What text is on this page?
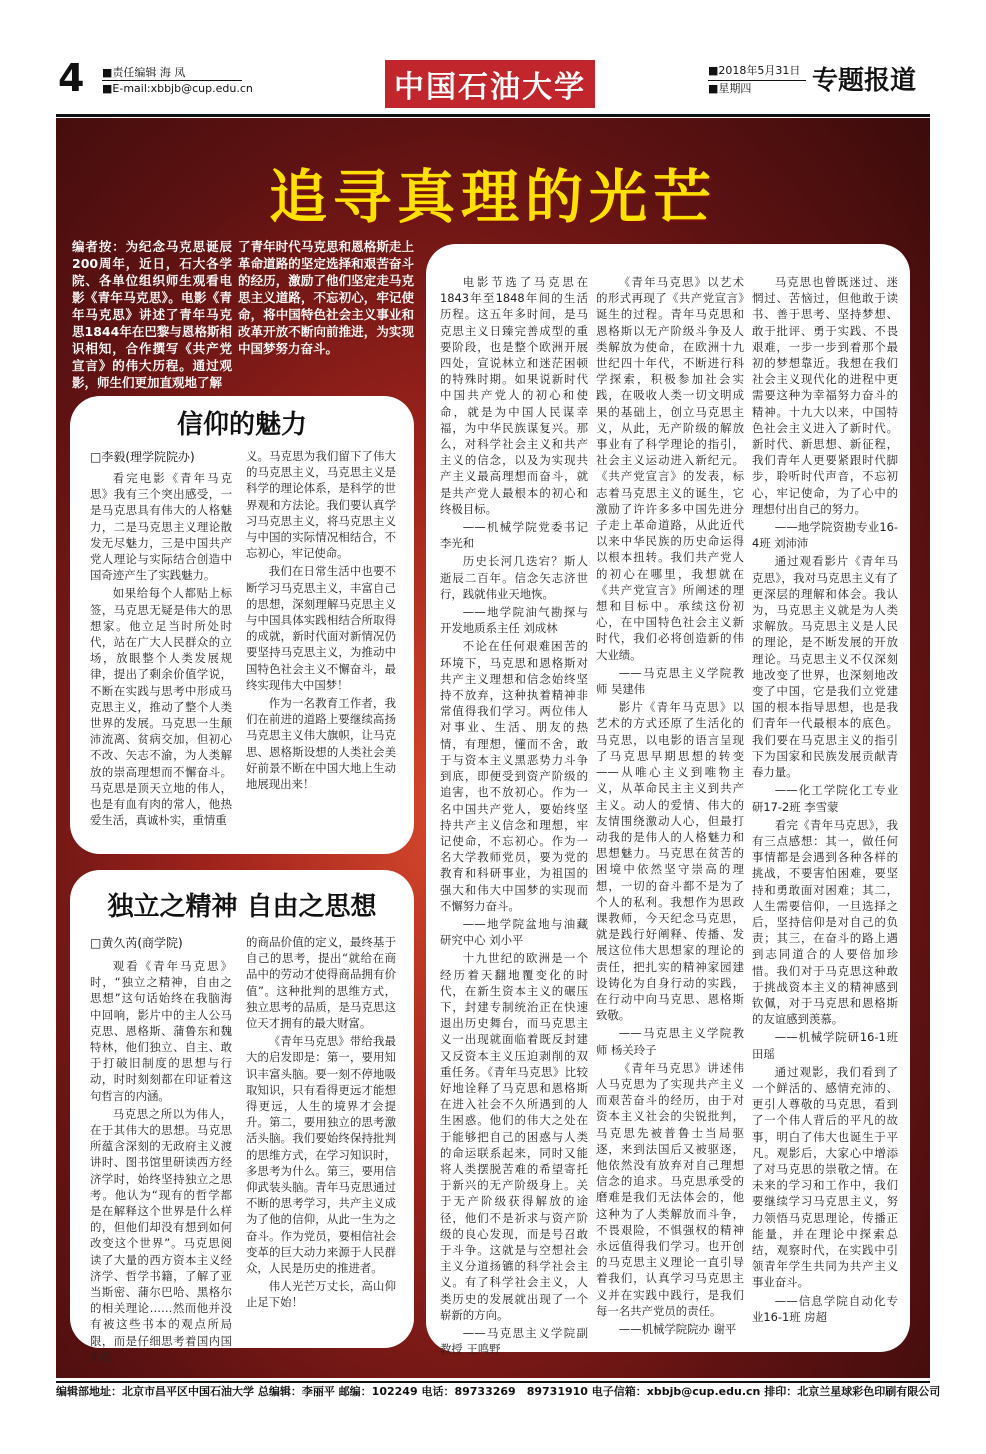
4 ■责任编辑 海 凤
■E-mail:xbbjb@cup.edu.cn	中国石油大学	■2018年5月31日
■星期四 专题报道
追寻真理的光芒
编者按：为纪念马克思诞辰200周年，近日，石大各学院、各单位组织师生观看电影《青年马克思》。电影《青年马克思》讲述了青年马克思1844年在巴黎与恩格斯相识相知，合作撰写《共产党宣言》的伟大历程。通过观影，师生们更加直观地了解
了青年时代马克思和恩格斯走上革命道路的坚定选择和艰苦奋斗的经历，激励了他们坚定走马克思主义道路，不忘初心，牢记使命，将中国特色社会主义事业和改革开放不断向前推进，为实现中国梦努力奋斗。
信仰的魅力
□李毅(理学院院办)

看完电影《青年马克思》我有三个突出感受，一是马克思具有伟大的人格魅力，二是马克思主义理论散发无尽魅力，三是中国共产党人理论与实际结合创造中国奇迹产生了实践魅力。

如果给每个人都贴上标签，马克思无疑是伟大的思想家。他立足当时所处时代，站在广大人民群众的立场，放眼整个人类发展规律，提出了剩余价值学说，不断在实践与思考中形成马克思主义，推动了整个人类世界的发展。马克思一生颠沛流离、贫病交加，但初心不改、矢志不渝，为人类解放的崇高理想而不懈奋斗。马克思是顶天立地的伟人，也是有血有肉的常人，他热爱生活，真诚朴实，重情重

义。马克思为我们留下了伟大的马克思主义，马克思主义是科学的理论体系，是科学的世界观和方法论。我们要认真学习马克思主义，将马克思主义与中国的实际情况相结合，不忘初心，牢记使命。

我们在日常生活中也要不断学习马克思主义，丰富自己的思想，深刻理解马克思主义与中国具体实践相结合所取得的成就，新时代面对新情况仍要坚持马克思主义，为推动中国特色社会主义不懈奋斗，最终实现伟大中国梦！

作为一名教育工作者，我们在前进的道路上要继续高扬马克思主义伟大旗帜，让马克思、恩格斯设想的人类社会美好前景不断在中国大地上生动地展现出来！

独立之精神 自由之思想
□黄久芮(商学院)

观看《青年马克思》时，“独立之精神，自由之思想”这句话始终在我脑海中回响，影片中的主人公马克思、恩格斯、蒲鲁东和魏特林，他们独立、自主、敢于打破旧制度的思想与行动，时时刻刻都在印证着这句哲言的内涵。

马克思之所以为伟人，在于其伟大的思想。马克思所蕴含深刻的无政府主义渡讲时、图书馆里研读西方经济学时，始终坚持独立之思考。他认为“现有的哲学都是在解释这个世界是什么样的，但他们却没有想到如何改变这个世界”。马克思阅读了大量的西方资本主义经济学、哲学书籍，了解了亚当斯密、蒲尔巴哈、黑格尔的相关理论……然而他并没有被这些书本的观点所局限，而是仔细思考着国内国外的

的商品价值的定义，最终基于自己的思考，提出“就给在商品中的劳动才使得商品拥有价值”。这种批判的思维方式，独立思考的品质，是马克思这位天才拥有的最大财富。

《青年马克思》带给我最大的启发即是：第一，要用知识丰富头脑。要一刻不停地吸取知识，只有看得更远才能想得更远，人生的境界才会提升。第二，要用独立的思考激活头脑。我们要始终保持批判的思维方式，在学习知识时，多思考为什么。第三，要用信仰武装头脑。青年马克思通过不断的思考学习，共产主义成为了他的信仰，从此一生为之奋斗。作为党员，要相信社会变革的巨大动力来源于人民群众，人民是历史的推进者。

伟人光芒万丈长，高山仰止足下始！

电影节选了马克思在1843年至1848年间的生活历程。这五年多时间，是马克思主义日臻完善成型的重要阶段，也是整个欧洲开展四处，宣说林立和迷茫困顿的特殊时期。如果说新时代中国共产党人的初心和使命，就是为中国人民谋幸福，为中华民族谋复兴。那么，对科学社会主义和共产主义的信念，以及为实现共产主义最高理想而奋斗，就是共产党人最根本的初心和终极目标。

——机械学院党委书记 李光和

历史长河几迭宕？斯人逝辰二百年。信念矢志济世行，践就伟业天地恢。

——地学院油气勘探与开发地质系主任 刘成林

不论在任何艰难困苦的环境下，马克思和恩格斯对共产主义理想和信念始终坚持不放弃，这种执着精神非常值得我们学习。两位伟人对事业、生活、朋友的热情，有理想，懂而不舍，敢于与资本主义黑恶势力斗争到底，即便受到资产阶级的追害，也不放初心。作为一名中国共产党人，要始终坚持共产主义信念和理想，牢记使命，不忘初心。作为一名大学教师党员，要为党的教育和科研事业，为祖国的强大和伟大中国梦的实现而不懈努力奋斗。

——地学院盆地与油藏研究中心 刘小平

十九世纪的欧洲是一个经历着天翻地覆变化的时代，在新生资本主义的碾压下，封建专制统治正在快速退出历史舞台，而马克思主义一出现就面临着既反封建又反资本主义压迫剥削的双重任务。《青年马克思》比较好地诠释了马克思和恩格斯在进入社会不久所遇到的人生困惑。他们的伟大之处在于能够把自己的困惑与人类的命运联系起来，同时又能将人类摆脱苦难的希望寄托于新兴的无产阶级身上。关于无产阶级获得解放的途径，他们不是祈求与资产阶级的良心发现，而是号召敢于斗争。这就是与空想社会主义分道扬镳的科学社会主义。有了科学社会主义，人类历史的发展就出现了一个崭新的方向。

——马克思主义学院副教授 王鸣野

《青年马克思》以艺术的形式再现了《共产党宣言》诞生的过程。青年马克思和恩格斯以无产阶级斗争及人类解放为使命，在欧洲十九世纪四十年代，不断进行科学探索，积极参加社会实践，在吸收人类一切文明成果的基础上，创立马克思主义，从此，无产阶级的解放事业有了科学理论的指引，社会主义运动进入新纪元。《共产党宣言》的发表，标志着马克思主义的诞生，它激励了许许多多中国先进分子走上革命道路，从此近代以来中华民族的历史命运得以根本扭转。我们共产党人的初心在哪里，我想就在《共产党宣言》所阐述的理想和目标中。承续这份初心，在中国特色社会主义新时代，我们必将创造新的伟大业绩。

——马克思主义学院教师 吴建伟

影片《青年马克思》以艺术的方式还原了生活化的马克思，以电影的语言呈现了马克思早期思想的转变——从唯心主义到唯物主义，从革命民主主义到共产主义。动人的爱情、伟大的友情围绕激动人心，但最打动我的是伟人的人格魅力和思想魅力。马克思在贫苦的困境中依然坚守崇高的理想，一切的奋斗都不是为了个人的私利。我想作为思政课教师，今天纪念马克思，就是践行好阐释、传播、发展这位伟大思想家的理论的责任，把扎实的精神家园建设铸化为自身行动的实践，在行动中向马克思、恩格斯致敬。

——马克思主义学院教师 杨关玲子

《青年马克思》讲述伟人马克思为了实现共产主义而艰苦奋斗的经历，由于对资本主义社会的尖锐批判，马克思先被普鲁士当局驱逐，来到法国后又被驱逐，他依然没有放弃对自己理想信念的追求。马克思承受的磨难是我们无法体会的，他这种为了人类解放而斗争，不畏艰险，不惧强权的精神永远值得我们学习。也开创的马克思主义理论一直引导着我们，认真学习马克思主义并在实践中践行，是我们每一名共产党员的责任。

——机械学院院办 谢平

马克思也曾既迷过、迷惘过、苦恼过，但他敢于读书、善于思考、坚持梦想、敢于批评、勇于实践、不畏艰难，一步一步到着那个最初的梦想靠近。我想在我们社会主义现代化的进程中更需要这种为幸福努力奋斗的精神。十九大以来，中国特色社会主义进入了新时代。新时代、新思想、新征程，我们青年人更要紧跟时代脚步，聆听时代声音，不忘初心，牢记使命，为了心中的理想付出自己的努力。

——地学院资勘专业16-4班 刘沛沛

通过观看影片《青年马克思》，我对马克思主义有了更深层的理解和体会。我认为，马克思主义就是为人类求解放。马克思主义是人民的理论，是不断发展的开放理论。马克思主义不仅深刻地改变了世界，也深刻地改变了中国，它是我们立党建国的根本指导思想，也是我们青年一代最根本的底色。我们要在马克思主义的指引下为国家和民族发展贡献青春力量。

——化工学院化工专业研17-2班 李雪蒙

看完《青年马克思》，我有三点感想：其一，做任何事情都是会遇到各种各样的挑战，不要害怕困难，要坚持和勇敢面对困难；其二，人生需要信仰，一旦选择之后，坚持信仰是对自己的负责；其三，在奋斗的路上遇到志同道合的人要倍加珍惜。我们对于马克思这种敢于挑战资本主义的精神感到钦佩，对于马克思和恩格斯的友谊感到羡慕。

——机械学院研16-1班 田瑶

通过观影，我们看到了一个鲜活的、感情充沛的、更引人尊敬的马克思，看到了一个伟人背后的平凡的故事，明白了伟大也诞生于平凡。观影后，大家心中增添了对马克思的崇敬之情。在未来的学习和工作中，我们要继续学习马克思主义，努力领悟马克思理论，传播正能量，并在理论中探索总结，观察时代，在实践中引领青年学生共同为共产主义事业奋斗。

——信息学院自动化专业16-1班 房超

编辑部地址：北京市昌平区中国石油大学 总编辑：李丽平 邮编：102249 电话：89733269　89731910 电子信箱：xbbjb@cup.edu.cn 排印：北京兰星球彩色印刷有限公司
